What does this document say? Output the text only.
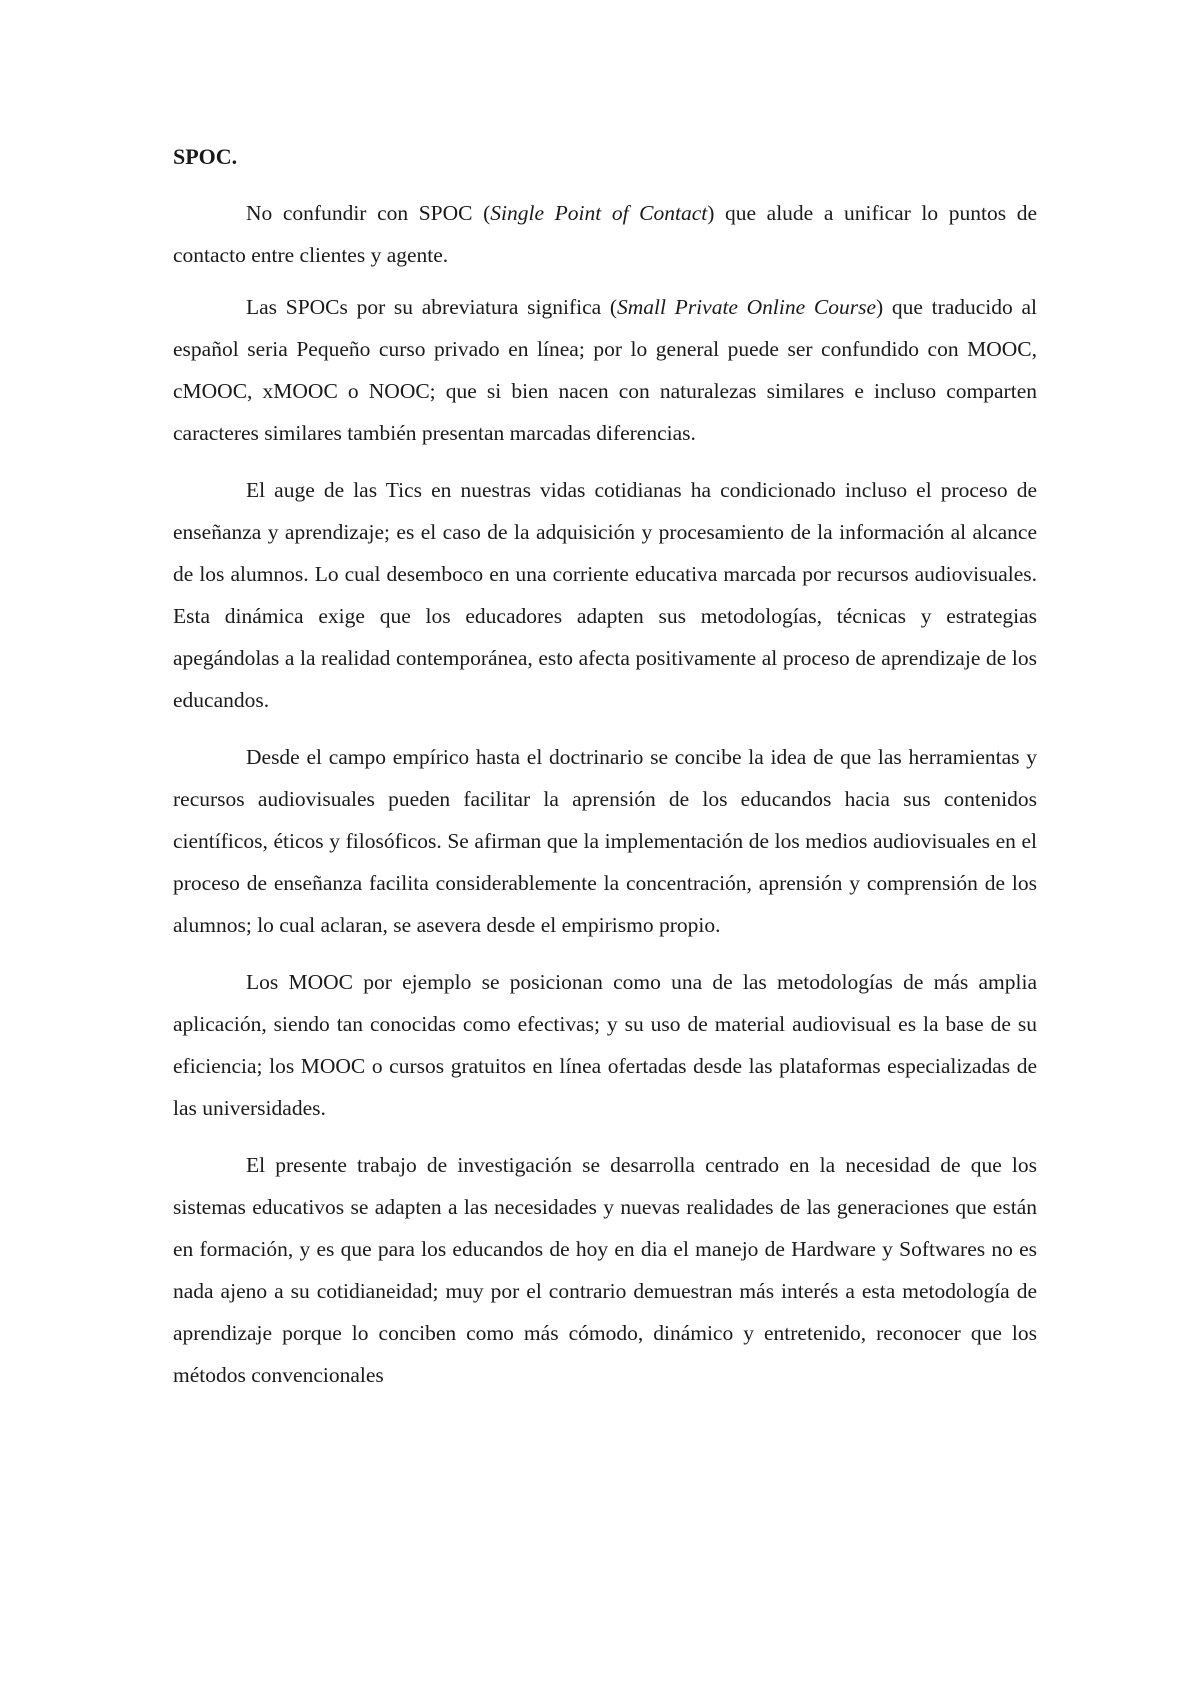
SPOC.

No confundir con SPOC (Single Point of Contact) que alude a unificar lo puntos de contacto entre clientes y agente.

Las SPOCs por su abreviatura significa (Small Private Online Course) que traducido al español seria Pequeño curso privado en línea; por lo general puede ser confundido con MOOC, cMOOC, xMOOC o NOOC; que si bien nacen con naturalezas similares e incluso comparten caracteres similares también presentan marcadas diferencias.

El auge de las Tics en nuestras vidas cotidianas ha condicionado incluso el proceso de enseñanza y aprendizaje; es el caso de la adquisición y procesamiento de la información al alcance de los alumnos. Lo cual desemboco en una corriente educativa marcada por recursos audiovisuales. Esta dinámica exige que los educadores adapten sus metodologías, técnicas y estrategias apegándolas a la realidad contemporánea, esto afecta positivamente al proceso de aprendizaje de los educandos.

Desde el campo empírico hasta el doctrinario se concibe la idea de que las herramientas y recursos audiovisuales pueden facilitar la aprensión de los educandos hacia sus contenidos científicos, éticos y filosóficos. Se afirman que la implementación de los medios audiovisuales en el proceso de enseñanza facilita considerablemente la concentración, aprensión y comprensión de los alumnos; lo cual aclaran, se asevera desde el empirismo propio.

Los MOOC por ejemplo se posicionan como una de las metodologías de más amplia aplicación, siendo tan conocidas como efectivas; y su uso de material audiovisual es la base de su eficiencia; los MOOC o cursos gratuitos en línea ofertadas desde las plataformas especializadas de las universidades.

El presente trabajo de investigación se desarrolla centrado en la necesidad de que los sistemas educativos se adapten a las necesidades y nuevas realidades de las generaciones que están en formación, y es que para los educandos de hoy en dia el manejo de Hardware y Softwares no es nada ajeno a su cotidianeidad; muy por el contrario demuestran más interés a esta metodología de aprendizaje porque lo conciben como más cómodo, dinámico y entretenido, reconocer que los métodos convencionales
